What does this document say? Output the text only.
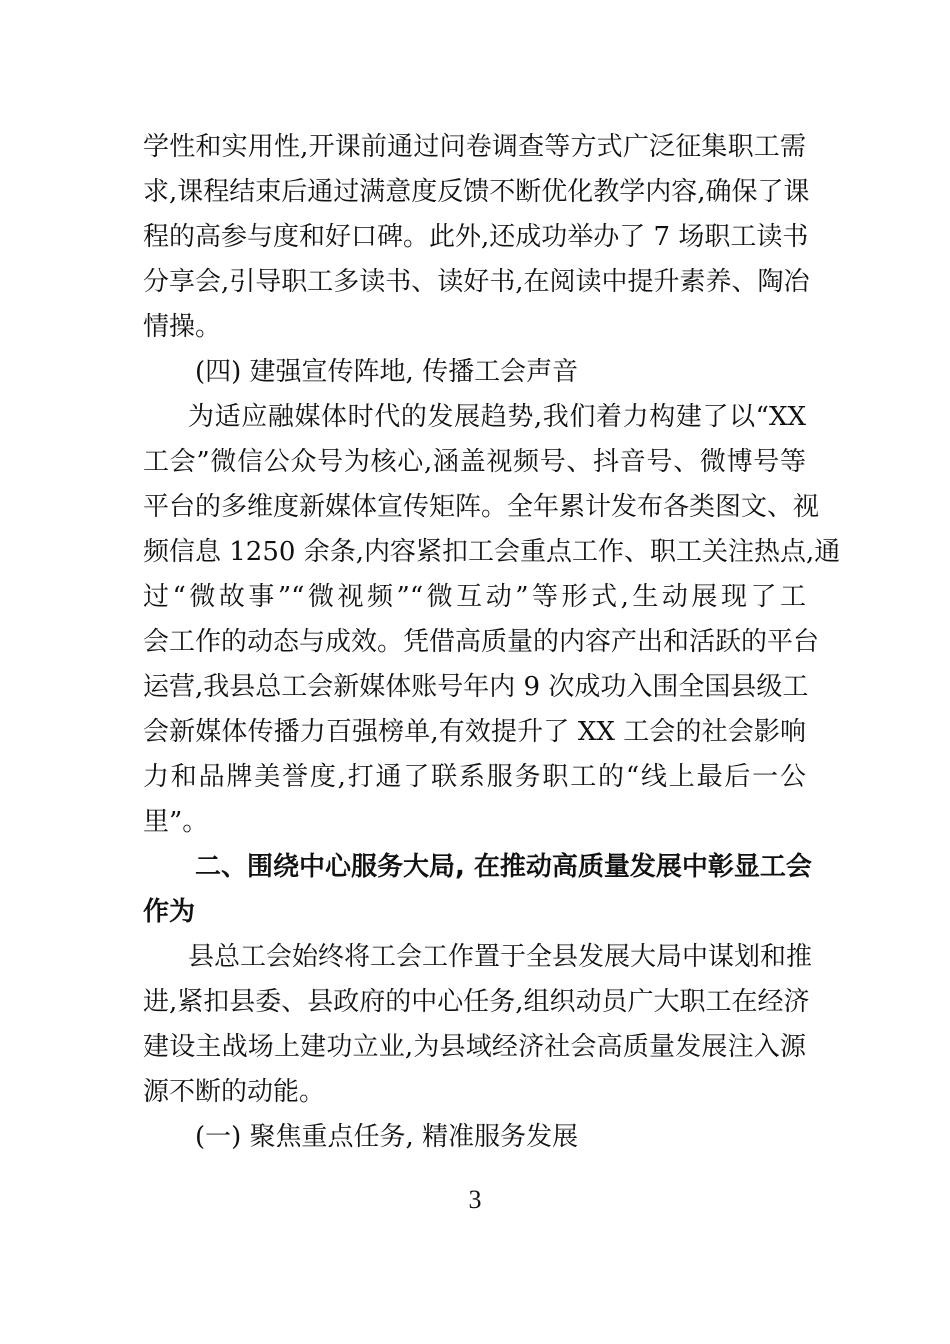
学性和实用性,开课前通过问卷调查等方式广泛征集职工需
求,课程结束后通过满意度反馈不断优化教学内容,确保了课
程的高参与度和好口碑。此外,还成功举办了 7 场职工读书
分享会,引导职工多读书、读好书,在阅读中提升素养、陶冶
情操。
(四) 建强宣传阵地, 传播工会声音
为适应融媒体时代的发展趋势,我们着力构建了以“XX
工会”微信公众号为核心,涵盖视频号、抖音号、微博号等
平台的多维度新媒体宣传矩阵。全年累计发布各类图文、视
频信息 1250 余条,内容紧扣工会重点工作、职工关注热点,通
过“微故事”“微视频”“微互动”等形式,生动展现了工
会工作的动态与成效。凭借高质量的内容产出和活跃的平台
运营,我县总工会新媒体账号年内 9 次成功入围全国县级工
会新媒体传播力百强榜单,有效提升了 XX 工会的社会影响
力和品牌美誉度,打通了联系服务职工的“线上最后一公
里”。
二、围绕中心服务大局, 在推动高质量发展中彰显工会
作为
县总工会始终将工会工作置于全县发展大局中谋划和推
进,紧扣县委、县政府的中心任务,组织动员广大职工在经济
建设主战场上建功立业,为县域经济社会高质量发展注入源
源不断的动能。
(一) 聚焦重点任务, 精准服务发展
3
